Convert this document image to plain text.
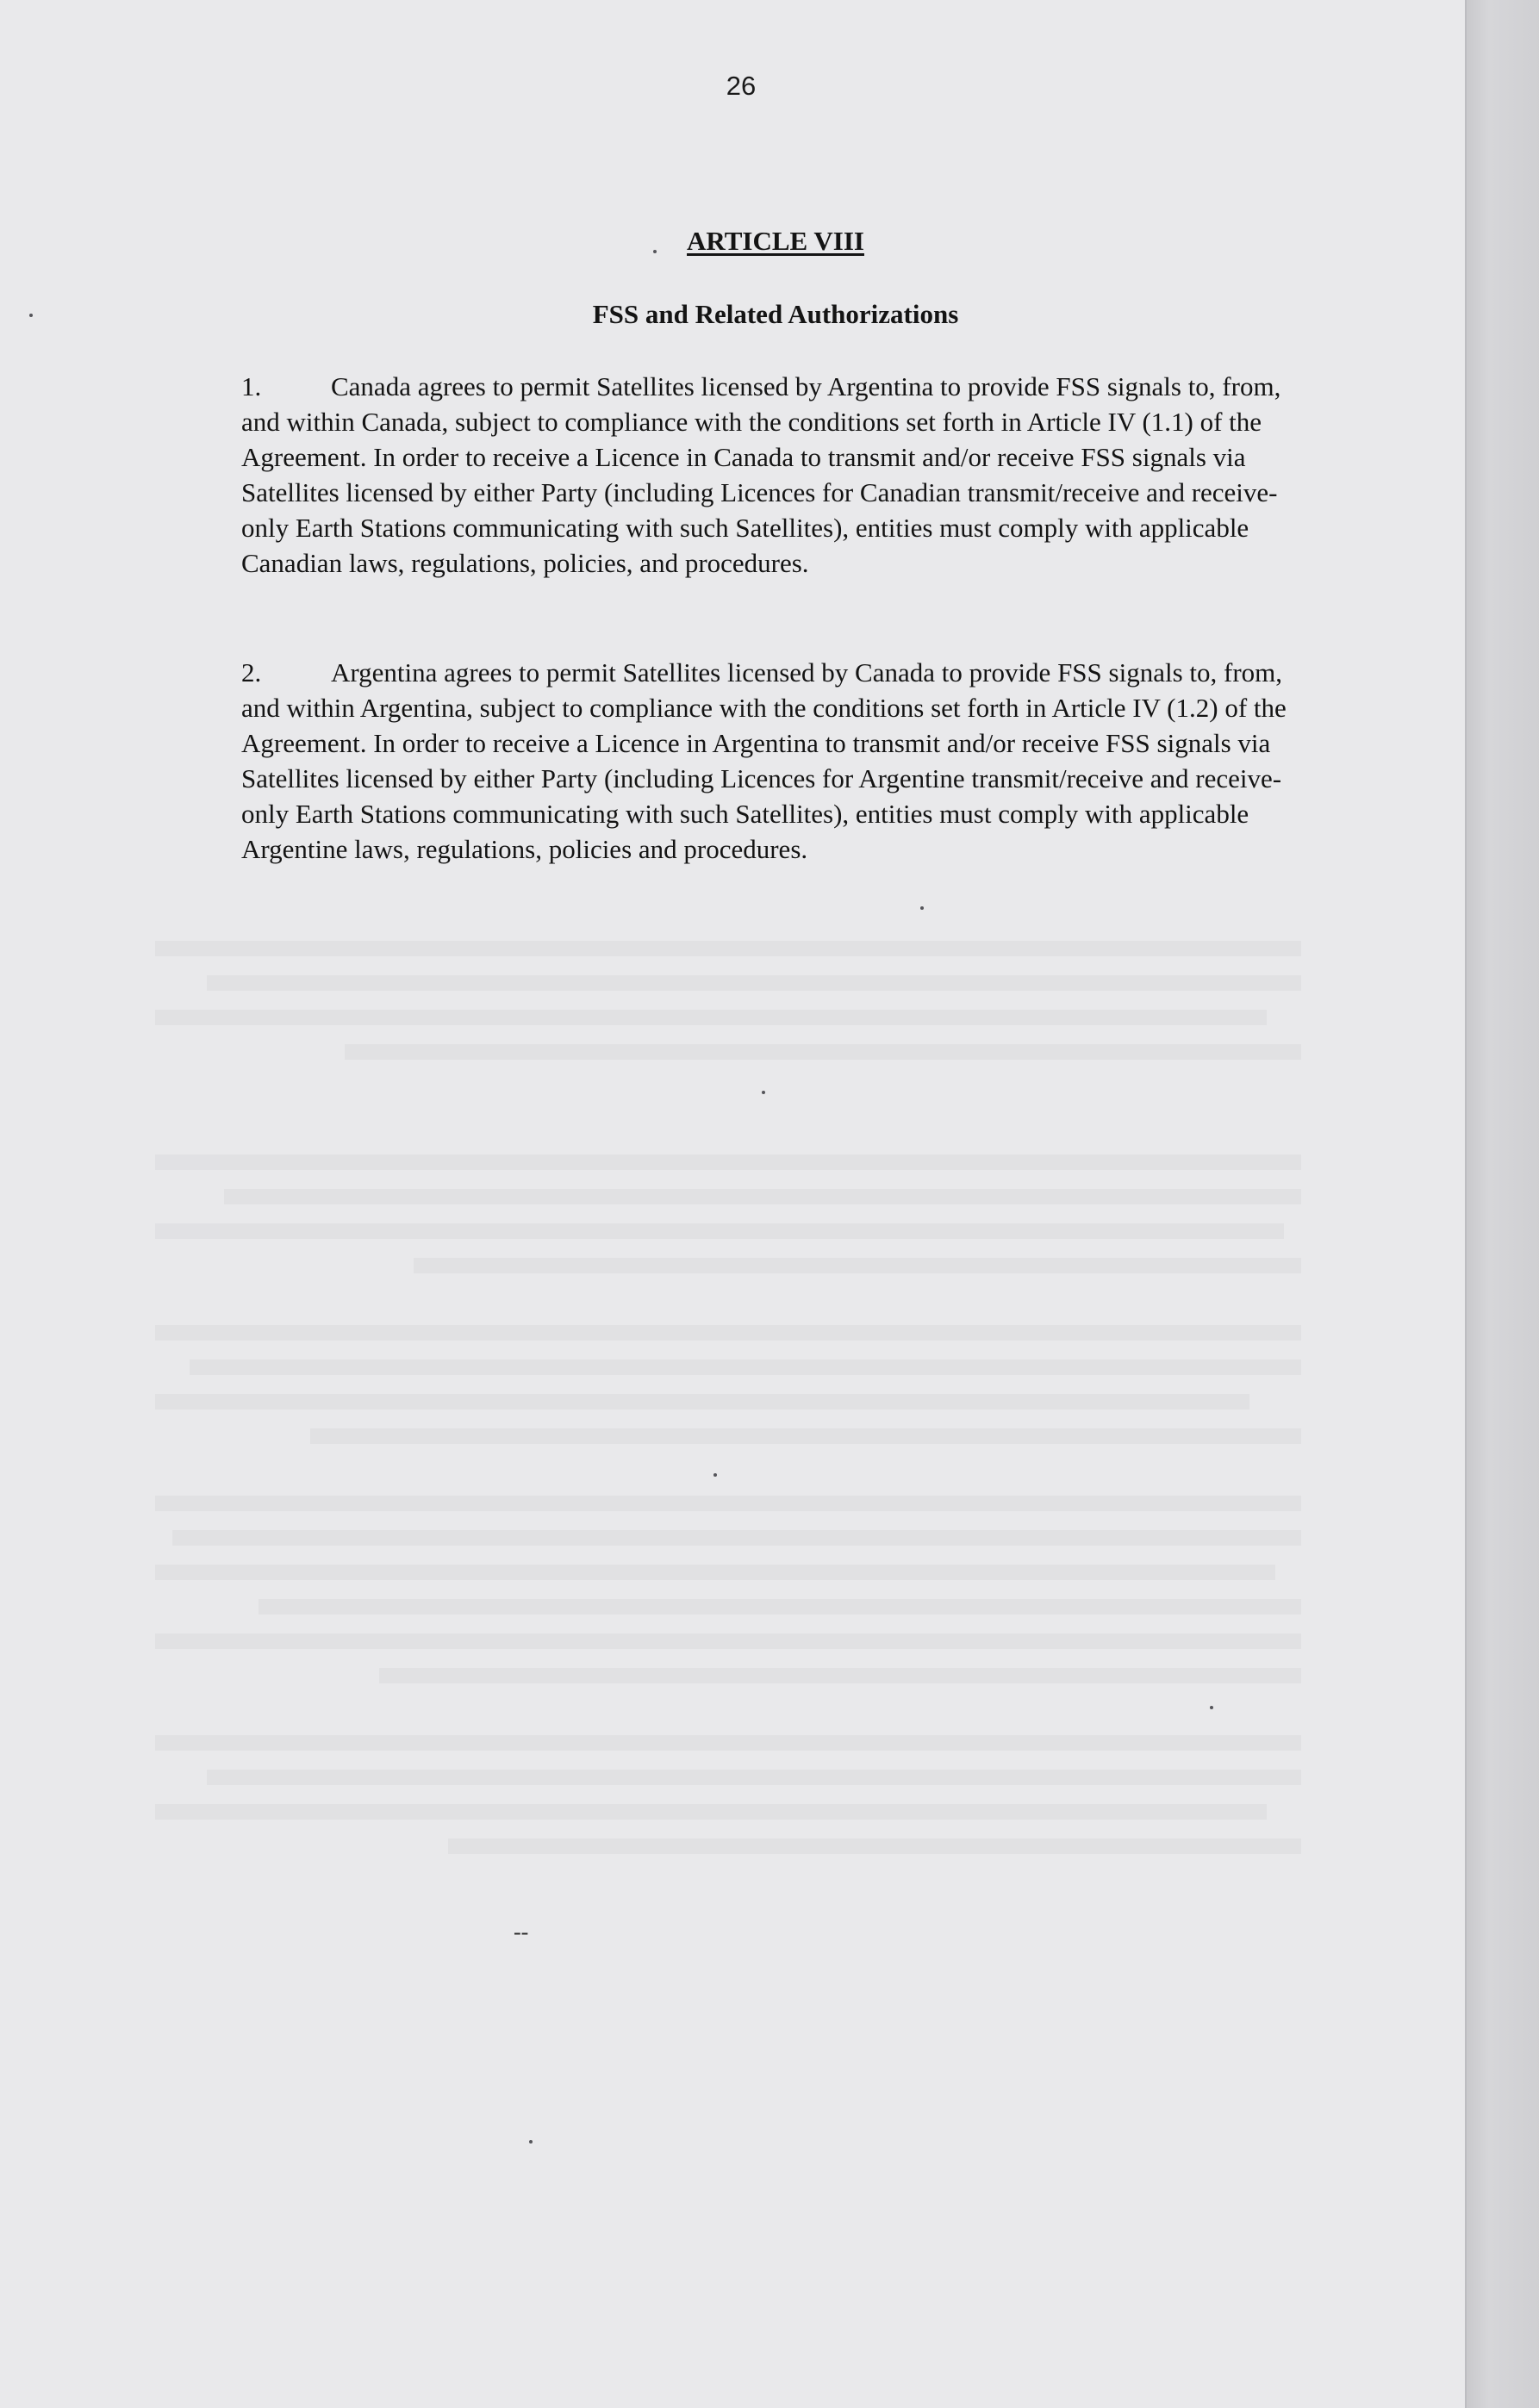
26
ARTICLE VIII
FSS and Related Authorizations
1.	Canada agrees to permit Satellites licensed by Argentina to provide FSS signals to, from, and within Canada, subject to compliance with the conditions set forth in Article IV (1.1) of the Agreement. In order to receive a Licence in Canada to transmit and/or receive FSS signals via Satellites licensed by either Party (including Licences for Canadian transmit/receive and receive-only Earth Stations communicating with such Satellites), entities must comply with applicable Canadian laws, regulations, policies, and procedures.
2.	Argentina agrees to permit Satellites licensed by Canada to provide FSS signals to, from, and within Argentina, subject to compliance with the conditions set forth in Article IV (1.2) of the Agreement. In order to receive a Licence in Argentina to transmit and/or receive FSS signals via Satellites licensed by either Party (including Licences for Argentine transmit/receive and receive-only Earth Stations communicating with such Satellites), entities must comply with applicable Argentine laws, regulations, policies and procedures.
--
